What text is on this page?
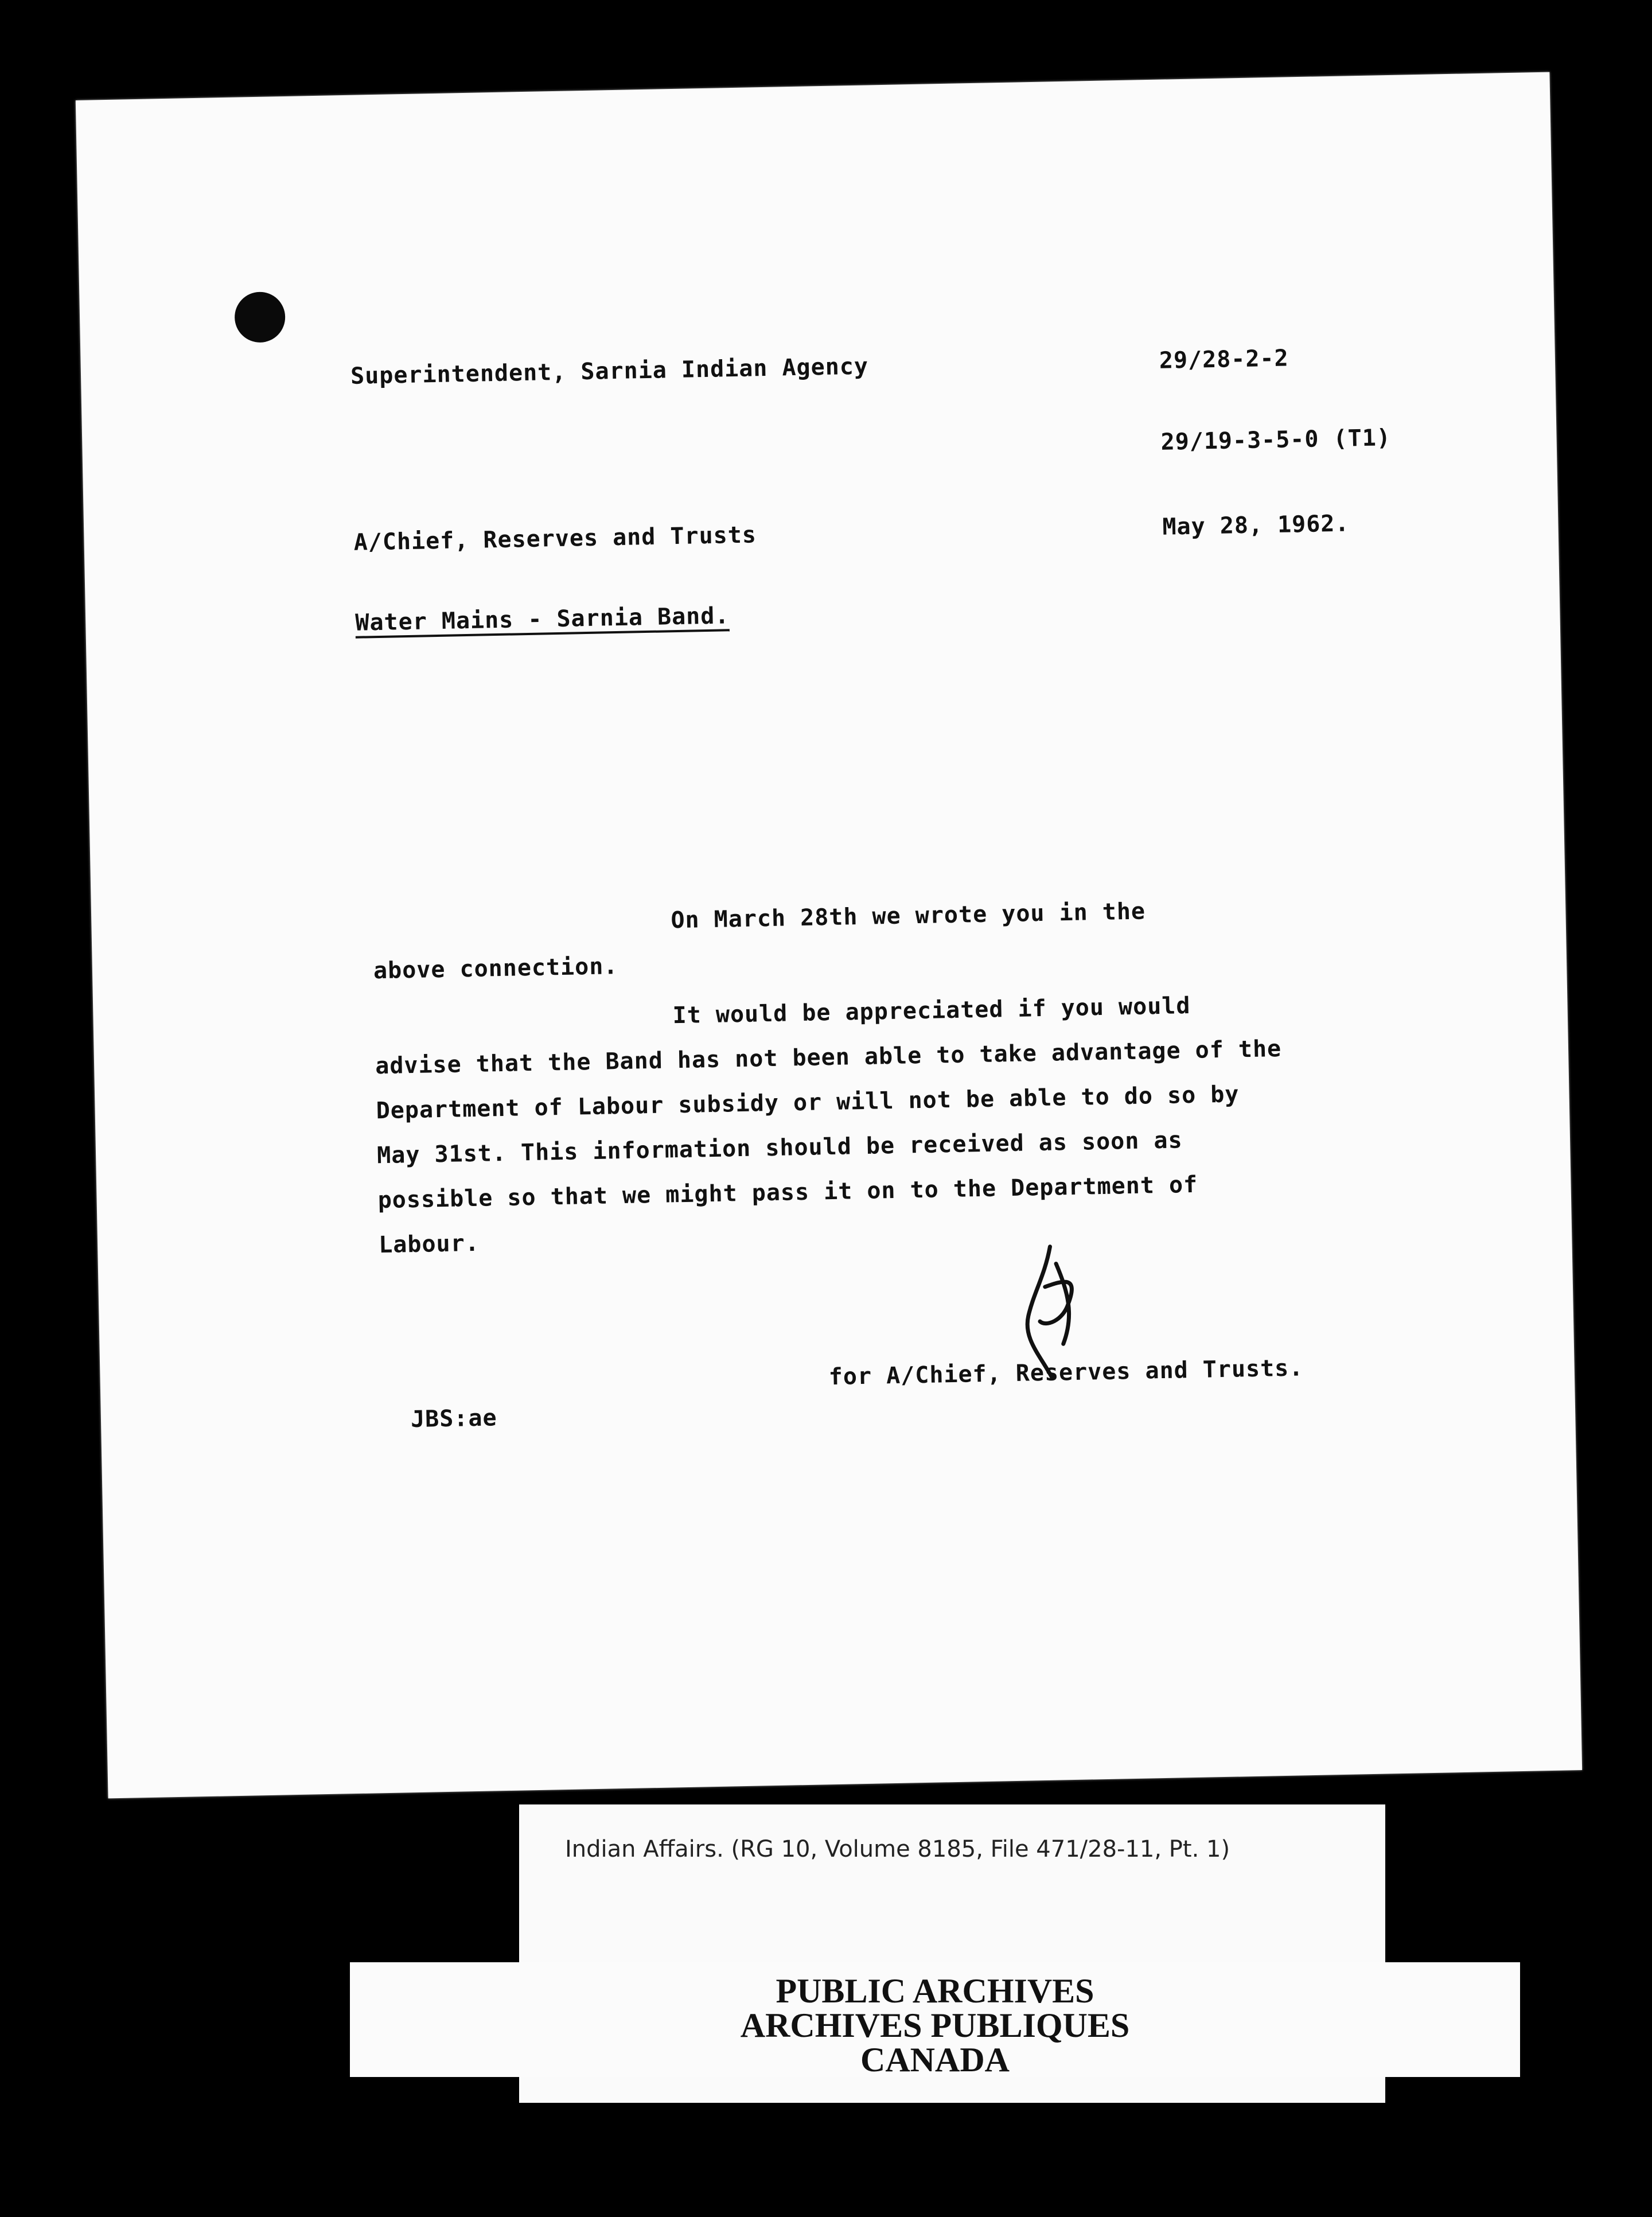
Superintendent, Sarnia Indian Agency	29/28-2-2
29/19-3-5-0 (T1)
A/Chief, Reserves and Trusts	May 28, 1962.
Water Mains - Sarnia Band.

On March 28th we wrote you in the

above connection.

It would be appreciated if you would

advise that the Band has not been able to take advantage of the Department of Labour subsidy or will not be able to do so by May 31st. This information should be received as soon as possible so that we might pass it on to the Department of Labour.

JBS:ae
for A/Chief, Reserves and Trusts.
Indian Affairs. (RG 10, Volume 8185, File 471/28-11, Pt. 1)
PUBLIC ARCHIVES
ARCHIVES PUBLIQUES
CANADA
